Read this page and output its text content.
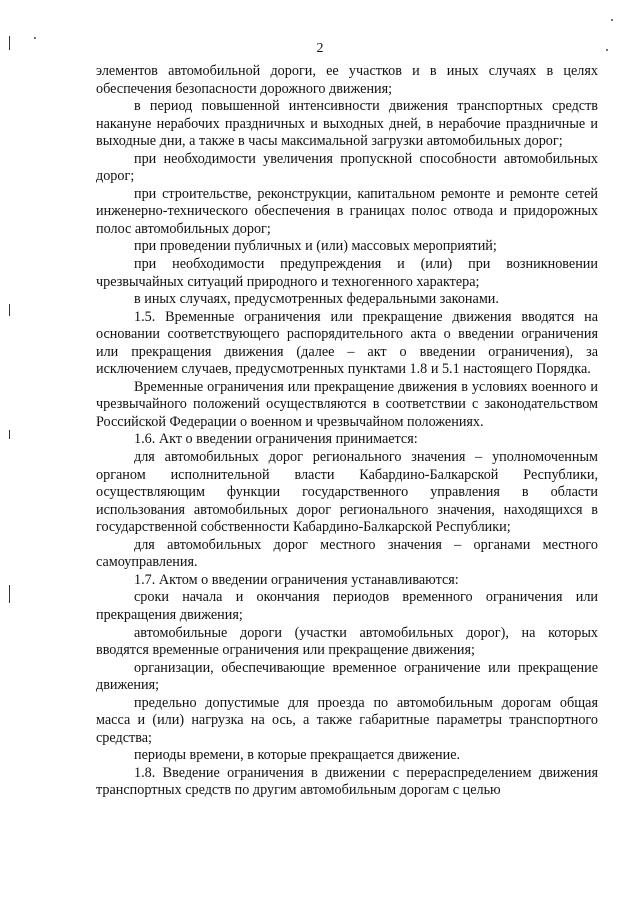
2

элементов автомобильной дороги, ее участков и в иных случаях в целях обеспечения безопасности дорожного движения;

в период повышенной интенсивности движения транспортных средств накануне нерабочих праздничных и выходных дней, в нерабочие праздничные и выходные дни, а также в часы максимальной загрузки автомобильных дорог;

при необходимости увеличения пропускной способности автомобильных дорог;

при строительстве, реконструкции, капитальном ремонте и ремонте сетей инженерно-технического обеспечения в границах полос отвода и придорожных полос автомобильных дорог;

при проведении публичных и (или) массовых мероприятий;

при необходимости предупреждения и (или) при возникновении чрезвычайных ситуаций природного и техногенного характера;

в иных случаях, предусмотренных федеральными законами.

1.5. Временные ограничения или прекращение движения вводятся на основании соответствующего распорядительного акта о введении ограничения или прекращения движения (далее – акт о введении ограничения), за исключением случаев, предусмотренных пунктами 1.8 и 5.1 настоящего Порядка.

Временные ограничения или прекращение движения в условиях военного и чрезвычайного положений осуществляются в соответствии с законодательством Российской Федерации о военном и чрезвычайном положениях.

1.6. Акт о введении ограничения принимается:

для автомобильных дорог регионального значения – уполномоченным органом исполнительной власти Кабардино-Балкарской Республики, осуществляющим функции государственного управления в области использования автомобильных дорог регионального значения, находящихся в государственной собственности Кабардино-Балкарской Республики;

для автомобильных дорог местного значения – органами местного самоуправления.

1.7. Актом о введении ограничения устанавливаются:

сроки начала и окончания периодов временного ограничения или прекращения движения;

автомобильные дороги (участки автомобильных дорог), на которых вводятся временные ограничения или прекращение движения;

организации, обеспечивающие временное ограничение или прекращение движения;

предельно допустимые для проезда по автомобильным дорогам общая масса и (или) нагрузка на ось, а также габаритные параметры транспортного средства;

периоды времени, в которые прекращается движение.

1.8. Введение ограничения в движении с перераспределением движения транспортных средств по другим автомобильным дорогам с целью
